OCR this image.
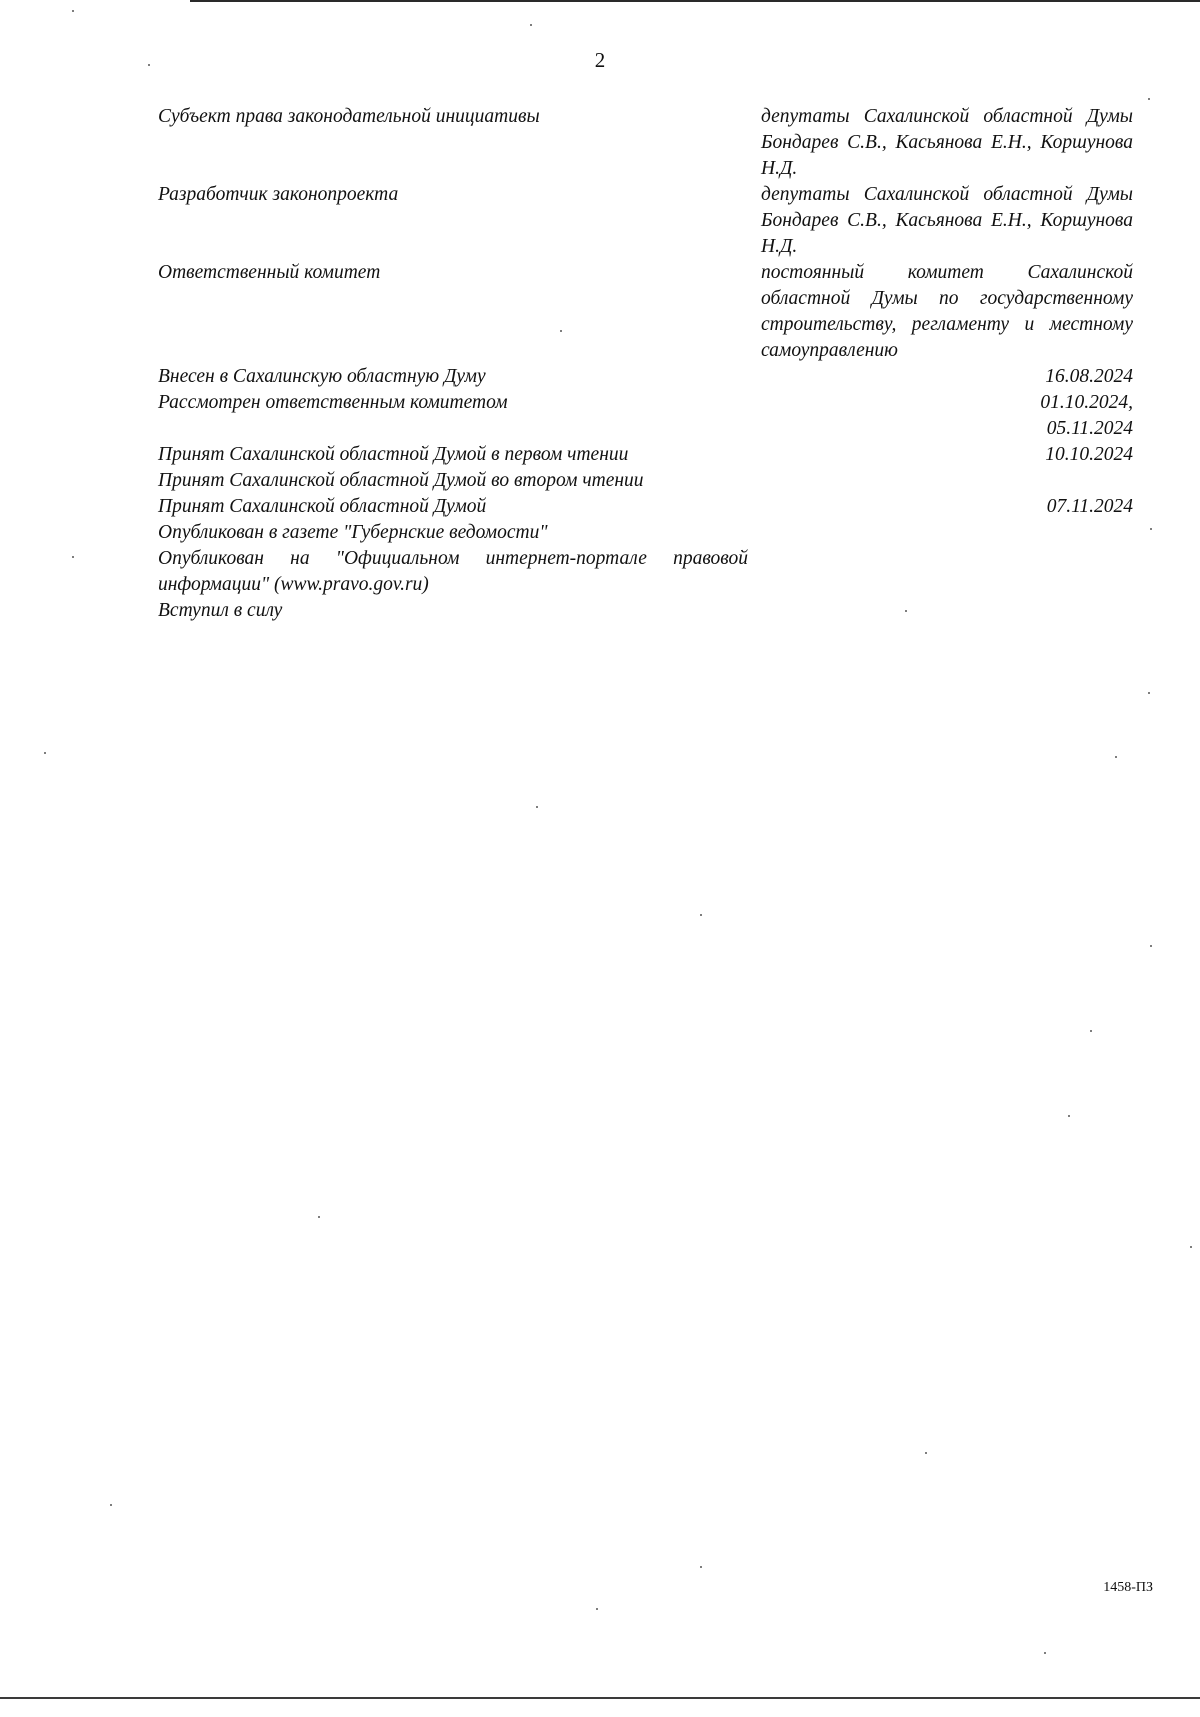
2
Субъект права законодательной инициативы	депутаты Сахалинской областной Думы Бондарев С.В., Касьянова Е.Н., Коршунова Н.Д.
Разработчик законопроекта	депутаты Сахалинской областной Думы Бондарев С.В., Касьянова Е.Н., Коршунова Н.Д.
Ответственный комитет	постоянный комитет Сахалинской областной Думы по государственному строительству, регламенту и местному самоуправлению
Внесен в Сахалинскую областную Думу	16.08.2024
Рассмотрен ответственным комитетом	01.10.2024,
05.11.2024
Принят Сахалинской областной Думой в первом чтении	10.10.2024
Принят Сахалинской областной Думой во втором чтении
Принят Сахалинской областной Думой	07.11.2024
Опубликован в газете "Губернские ведомости"
Опубликован на "Официальном интернет-портале правовой информации" (www.pravo.gov.ru)
Вступил в силу
1458-ПЗ
